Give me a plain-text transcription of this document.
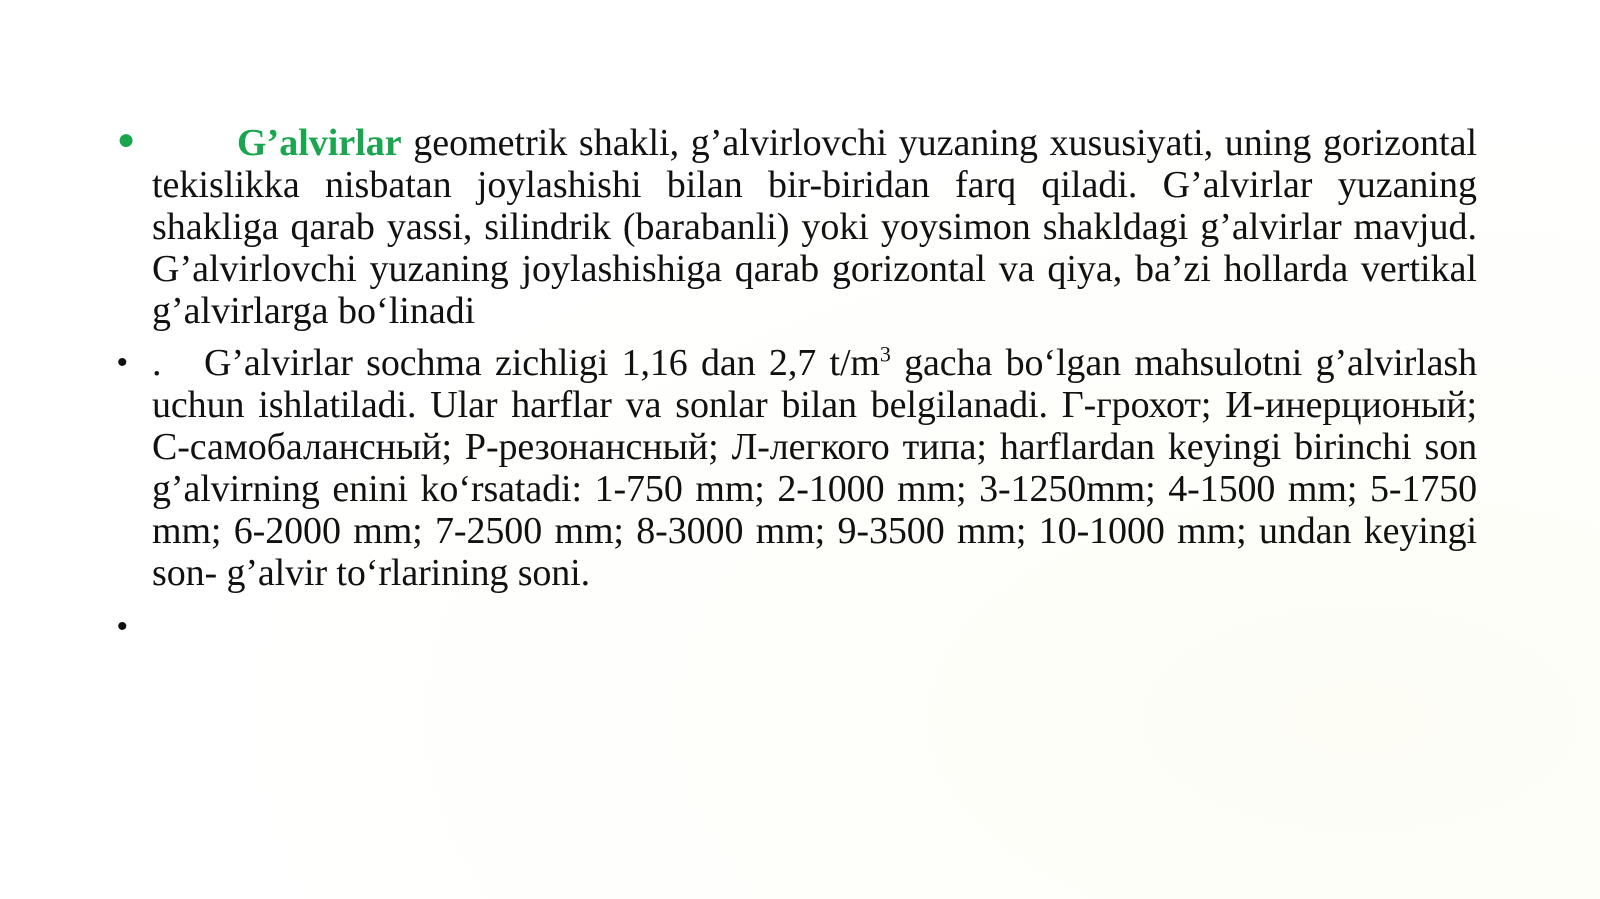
●	G’alvirlar geometrik shakli, g’alvirlovchi yuzaning xususiyati, uning gorizontal tekislikka nisbatan joylashishi bilan bir-biridan farq qiladi. G’alvirlar yuzaning shakliga qarab yassi, silindrik (barabanli) yoki yoysimon shakldagi g’alvirlar mavjud. G’alvirlovchi yuzaning joylashishiga qarab gorizontal va qiya, ba’zi hollarda vertikal g’alvirlarga bo‘linadi
• . G’alvirlar sochma zichligi 1,16 dan 2,7 $t/m^3$ gacha bo‘lgan mahsulotni g’alvirlash uchun ishlatiladi. Ular harflar va sonlar bilan belgilanadi. Г-грохот; И-инерционый; С-самобалансный; Р-резонансный; Л-легкого типа; harflardan keyingi birinchi son g’alvirning enini ko‘rsatadi: 1-750 mm; 2-1000 mm; 3-1250mm; 4-1500 mm; 5-1750 mm; 6-2000 mm; 7-2500 mm; 8-3000 mm; 9-3500 mm; 10-1000 mm; undan keyingi son- g’alvir to‘rlarining soni.
•
